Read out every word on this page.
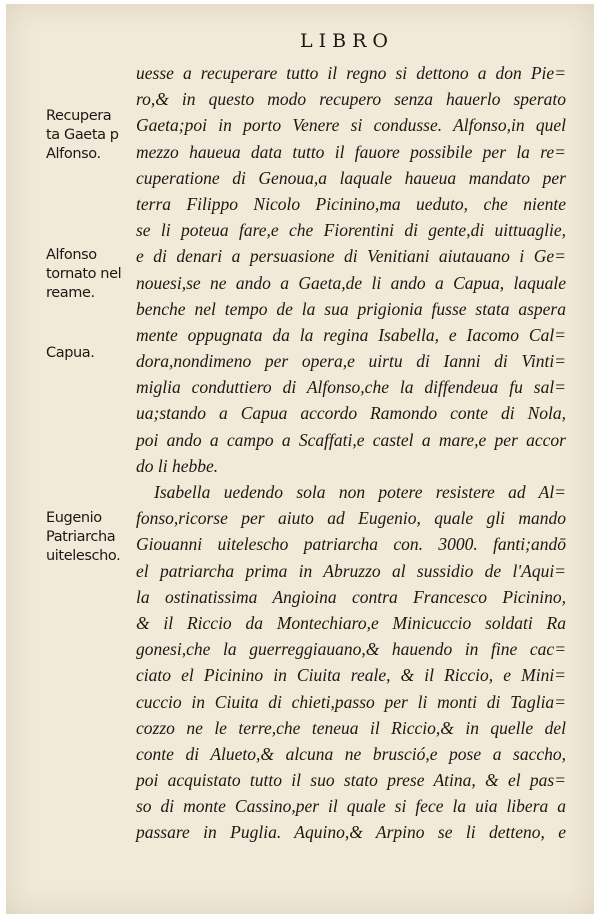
LIBRO
Recupera
ta Gaeta p
Alfonso.
Alfonso
tornato nel
reame.
Capua.
Eugenio
Patriarcha
uitelescho.
uesse a recuperare tutto il regno si dettono a don Pie=
ro,& in questo modo recupero senza hauerlo sperato
Gaeta;poi in porto Venere si condusse. Alfonso,in quel
mezzo haueua data tutto il fauore possibile per la re=
cuperatione di Genoua,a laquale haueua mandato per
terra Filippo Nicolo Picinino,ma ueduto, che niente
se li poteua fare,e che Fiorentini di gente,di uittuaglie,
e di denari a persuasione di Venitiani aiutauano i Ge=
nouesi,se ne ando a Gaeta,de li ando a Capua, laquale
benche nel tempo de la sua prigionia fusse stata aspera
mente oppugnata da la regina Isabella, e Iacomo Cal=
dora,nondimeno per opera,e uirtu di Ianni di Vinti=
miglia conduttiero di Alfonso,che la diffendeua fu sal=
ua;stando a Capua accordo Ramondo conte di Nola,
poi ando a campo a Scaffati,e castel a mare,e per accor
do li hebbe.
Isabella uedendo sola non potere resistere ad Al=
fonso,ricorse per aiuto ad Eugenio, quale gli mando
Giouanni uitelescho patriarcha con. 3000. fanti;andō
el patriarcha prima in Abruzzo al sussidio de l'Aqui=
la ostinatissima Angioina contra Francesco Picinino,
& il Riccio da Montechiaro,e Minicuccio soldati Ra
gonesi,che la guerreggiauano,& hauendo in fine cac=
ciato el Picinino in Ciuita reale, & il Riccio, e Mini=
cuccio in Ciuita di chieti,passo per li monti di Taglia=
cozzo ne le terre,che teneua il Riccio,& in quelle del
conte di Alueto,& alcuna ne brusció,e pose a saccho,
poi acquistato tutto il suo stato prese Atina, & el pas=
so di monte Cassino,per il quale si fece la uia libera a
passare in Puglia. Aquino,& Arpino se li detteno, e
